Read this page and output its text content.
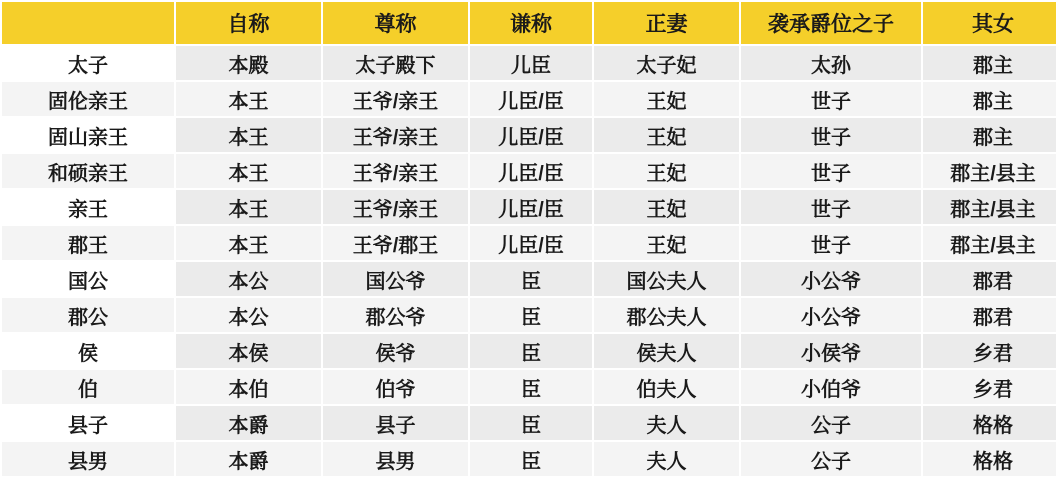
	自称	尊称	谦称	正妻	袭承爵位之子	其女
太子	本殿	太子殿下	儿臣	太子妃	太孙	郡主
固伦亲王	本王	王爷/亲王	儿臣/臣	王妃	世子	郡主
固山亲王	本王	王爷/亲王	儿臣/臣	王妃	世子	郡主
和硕亲王	本王	王爷/亲王	儿臣/臣	王妃	世子	郡主/县主
亲王	本王	王爷/亲王	儿臣/臣	王妃	世子	郡主/县主
郡王	本王	王爷/郡王	儿臣/臣	王妃	世子	郡主/县主
国公	本公	国公爷	臣	国公夫人	小公爷	郡君
郡公	本公	郡公爷	臣	郡公夫人	小公爷	郡君
侯	本侯	侯爷	臣	侯夫人	小侯爷	乡君
伯	本伯	伯爷	臣	伯夫人	小伯爷	乡君
县子	本爵	县子	臣	夫人	公子	格格
县男	本爵	县男	臣	夫人	公子	格格
